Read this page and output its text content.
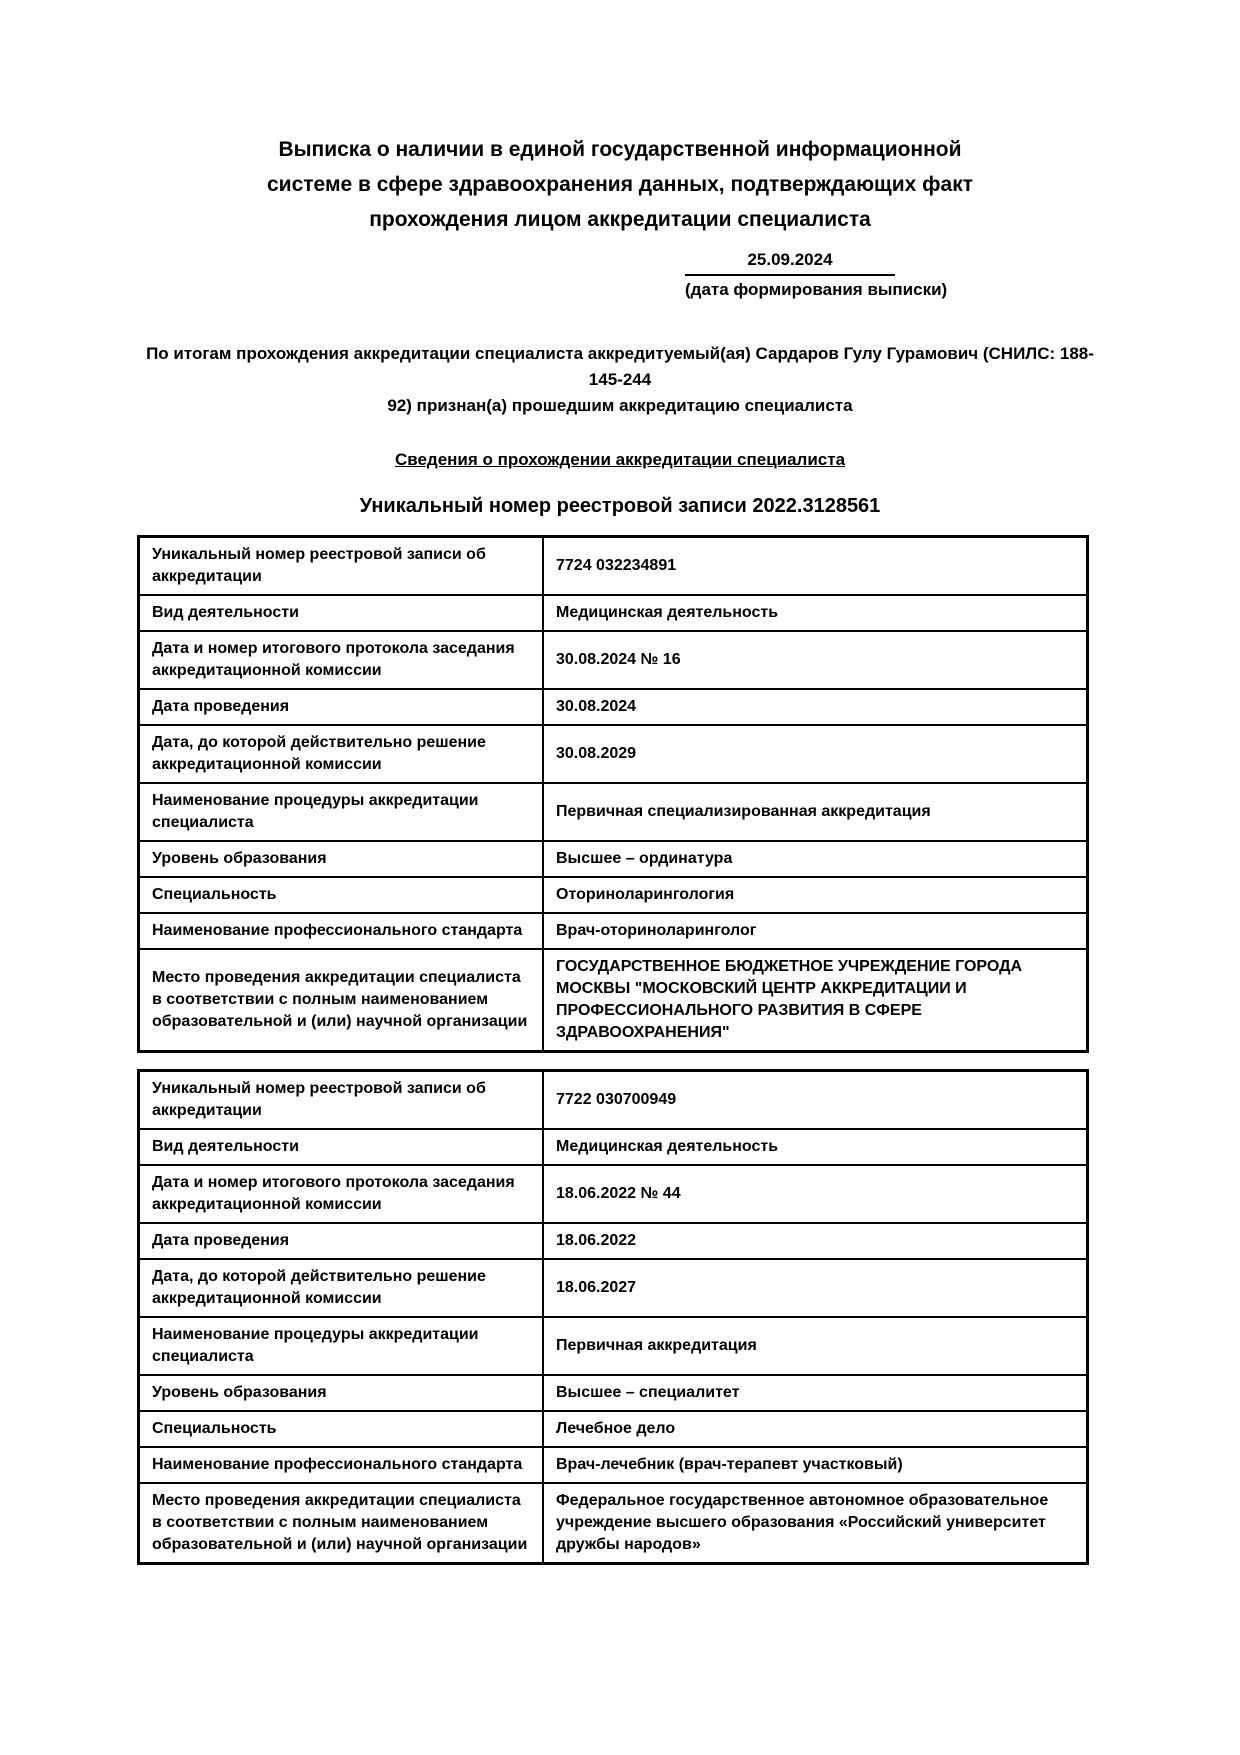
Выписка о наличии в единой государственной информационной
системе в сфере здравоохранения данных, подтверждающих факт
прохождения лицом аккредитации специалиста
25.09.2024
(дата формирования выписки)
По итогам прохождения аккредитации специалиста аккредитуемый(ая) Сардаров Гулу Гурамович (СНИЛС: 188-145-244
92) признан(а) прошедшим аккредитацию специалиста
Сведения о прохождении аккредитации специалиста
Уникальный номер реестровой записи 2022.3128561
Уникальный номер реестровой записи об аккредитации	7724 032234891
Вид деятельности	Медицинская деятельность
Дата и номер итогового протокола заседания аккредитационной комиссии	30.08.2024 № 16
Дата проведения	30.08.2024
Дата, до которой действительно решение аккредитационной комиссии	30.08.2029
Наименование процедуры аккредитации специалиста	Первичная специализированная аккредитация
Уровень образования	Высшее – ординатура
Специальность	Оториноларингология
Наименование профессионального стандарта	Врач-оториноларинголог
Место проведения аккредитации специалиста в соответствии с полным наименованием образовательной и (или) научной организации	ГОСУДАРСТВЕННОЕ БЮДЖЕТНОЕ УЧРЕЖДЕНИЕ ГОРОДА МОСКВЫ "МОСКОВСКИЙ ЦЕНТР АККРЕДИТАЦИИ И ПРОФЕССИОНАЛЬНОГО РАЗВИТИЯ В СФЕРЕ ЗДРАВООХРАНЕНИЯ"
Уникальный номер реестровой записи об аккредитации	7722 030700949
Вид деятельности	Медицинская деятельность
Дата и номер итогового протокола заседания аккредитационной комиссии	18.06.2022 № 44
Дата проведения	18.06.2022
Дата, до которой действительно решение аккредитационной комиссии	18.06.2027
Наименование процедуры аккредитации специалиста	Первичная аккредитация
Уровень образования	Высшее – специалитет
Специальность	Лечебное дело
Наименование профессионального стандарта	Врач-лечебник (врач-терапевт участковый)
Место проведения аккредитации специалиста в соответствии с полным наименованием образовательной и (или) научной организации	Федеральное государственное автономное образовательное учреждение высшего образования «Российский университет дружбы народов»
